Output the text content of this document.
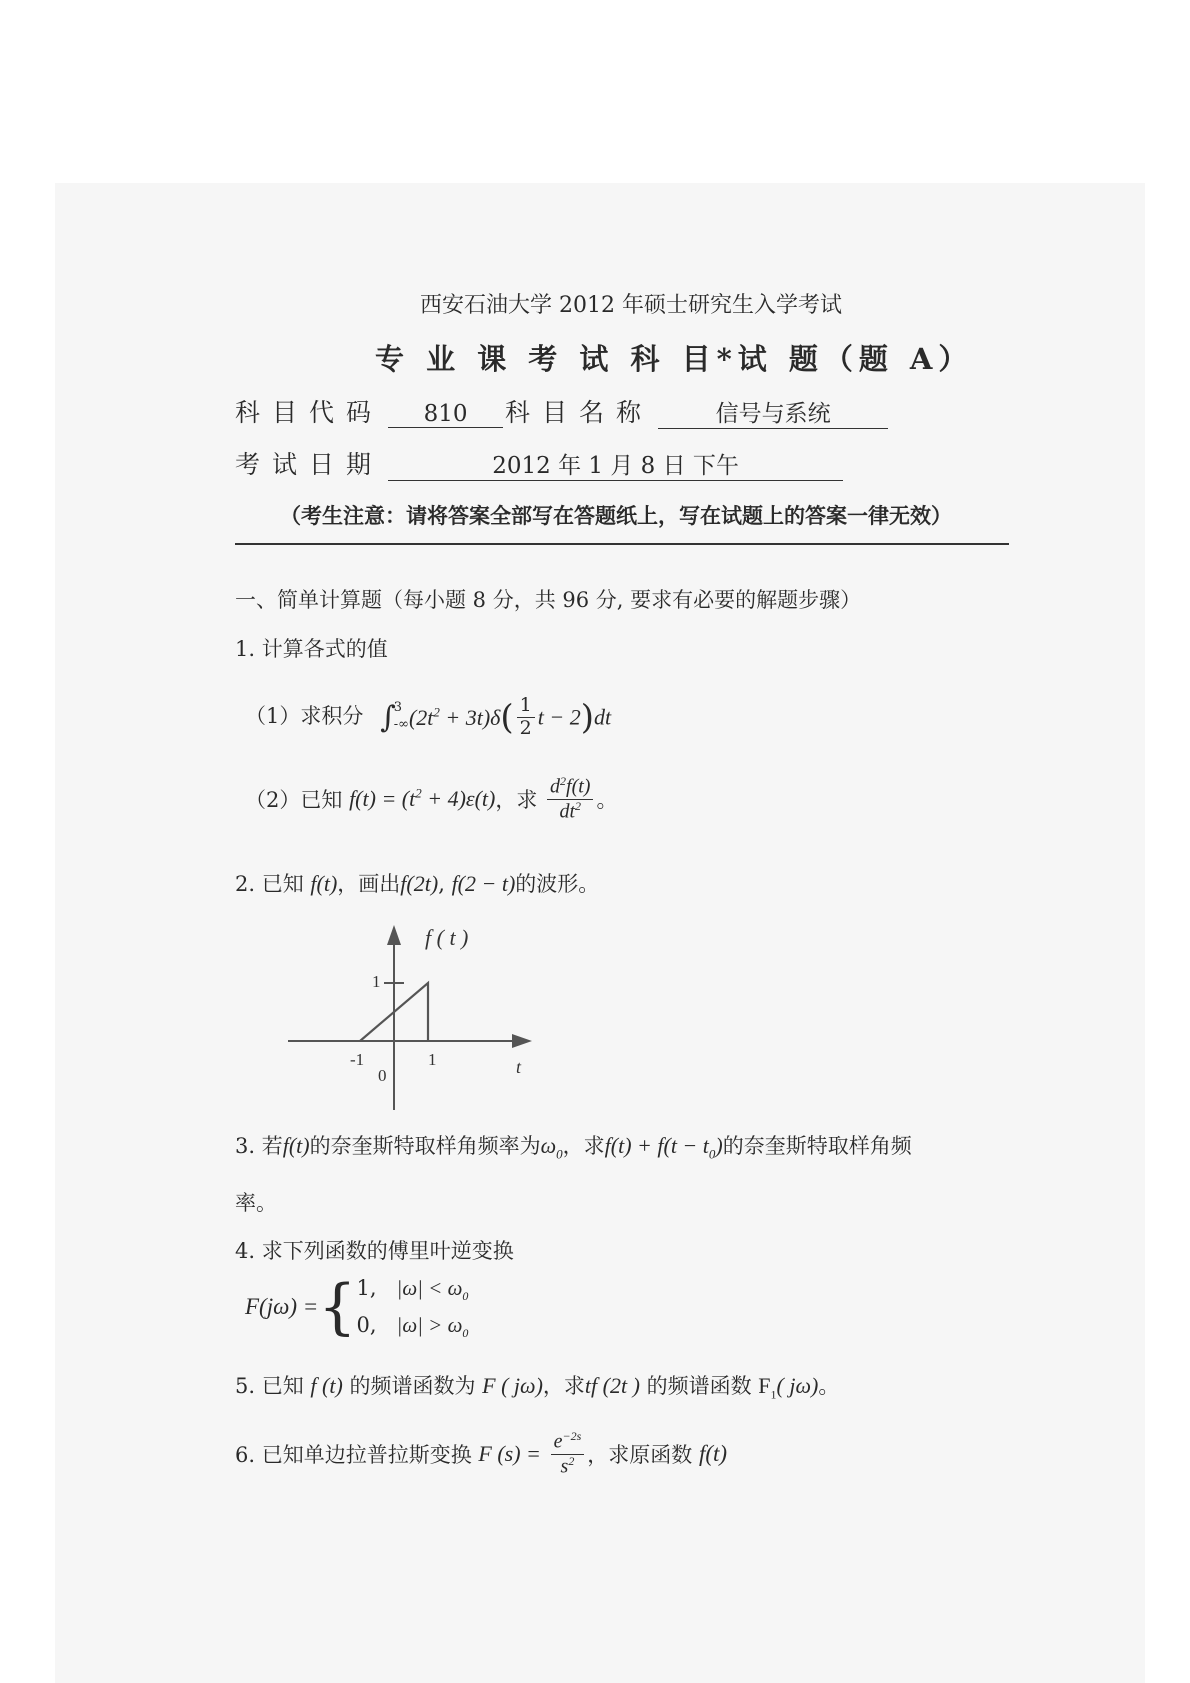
西安石油大学 2012 年硕士研究生入学考试
专 业 课 考 试 科 目*试 题（题 A）
科目代码 810	科目名称	信号与系统
考试日期	2012 年 1 月 8 日 下午
（考生注意：请将答案全部写在答题纸上，写在试题上的答案一律无效）
一、简单计算题（每小题 8 分，共 96 分, 要求有必要的解题步骤）
1. 计算各式的值
（1）求积分 ∫
3
-∞ $(2t^2 + 3t)\delta( \frac{1}{2}$ t − 2)dt
（2）已知 $f(t) = (t^2 + 4)\varepsilon(t)$，求 $\frac{d^2f(t)}{dt^2}$ 。
2. 已知 f(t)，画出f(2t), f(2 − t)的波形。
f ( t )
1
-1	1
0	t
3. 若f(t)的奈奎斯特取样角频率为$\omega_0$，求$f(t) + f(t - t_0)$的奈奎斯特取样角频
率。
4. 求下列函数的傅里叶逆变换
F(jω) ={ 1, $|\omega| < \omega_0$
0, $|\omega| > \omega_0$
5. 已知 f (t) 的频谱函数为 F ( jω)，求tf (2t ) 的频谱函数 $F_1$( jω)。
6. 已知单边拉普拉斯变换 F $(s) = \frac{e^{-2s}}{s^2}$ ，求原函数 f(t)
